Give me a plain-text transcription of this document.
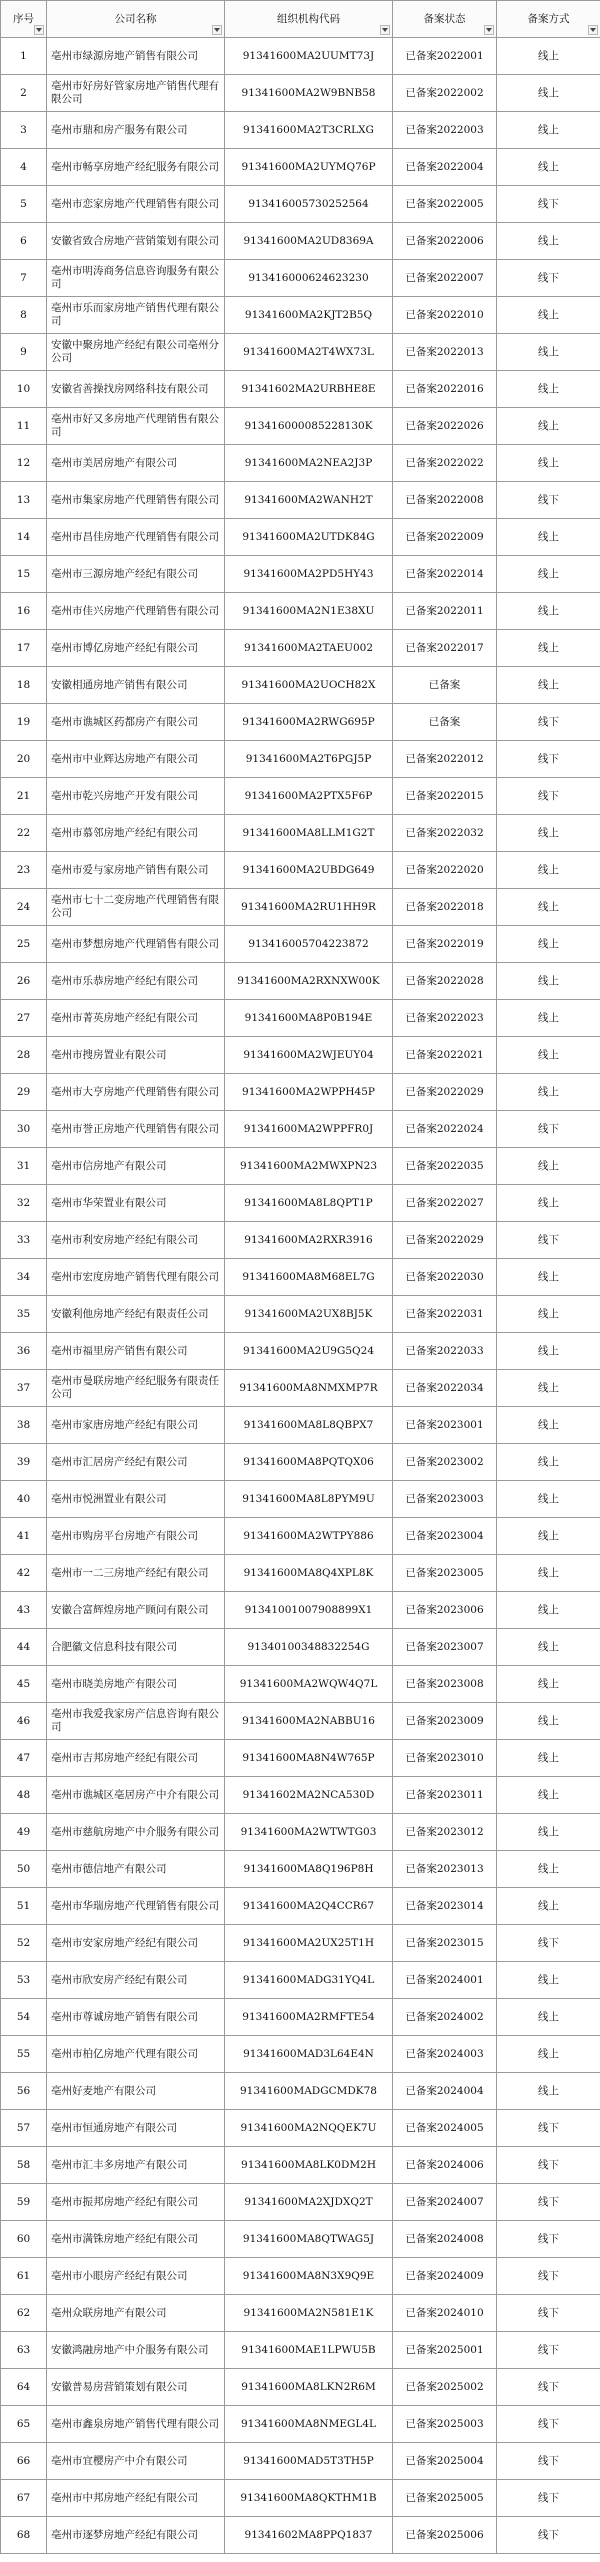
序号	公司名称	组织机构代码	备案状态	备案方式

1	亳州市绿源房地产销售有限公司	91341600MA2UUMT73J	已备案2022001	线上
2	亳州市好房好管家房地产销售代理有限公司	91341600MA2W9BNB58	已备案2022002	线上
3	亳州市鼎和房产服务有限公司	91341600MA2T3CRLXG	已备案2022003	线上
4	亳州市畅享房地产经纪服务有限公司	91341600MA2UYMQ76P	已备案2022004	线上
5	亳州市恋家房地产代理销售有限公司	913416005730252564	已备案2022005	线下
6	安徽省致合房地产营销策划有限公司	91341600MA2UD8369A	已备案2022006	线上
7	亳州市明涛商务信息咨询服务有限公司	913416000624623230	已备案2022007	线下
8	亳州市乐而家房地产销售代理有限公司	91341600MA2KJT2B5Q	已备案2022010	线上
9	安徽中聚房地产经纪有限公司亳州分公司	91341600MA2T4WX73L	已备案2022013	线上
10	安徽省善操找房网络科技有限公司	91341602MA2URBHE8E	已备案2022016	线上
11	亳州市好又多房地产代理销售有限公司	913416000085228130K	已备案2022026	线上
12	亳州市美居房地产有限公司	91341600MA2NEA2J3P	已备案2022022	线上
13	亳州市集家房地产代理销售有限公司	91341600MA2WANH2T	已备案2022008	线下
14	亳州市昌佳房地产代理销售有限公司	91341600MA2UTDK84G	已备案2022009	线上
15	亳州市三源房地产经纪有限公司	91341600MA2PD5HY43	已备案2022014	线上
16	亳州市佳兴房地产代理销售有限公司	91341600MA2N1E38XU	已备案2022011	线上
17	亳州市博亿房地产经纪有限公司	91341600MA2TAEU002	已备案2022017	线上
18	安徽相通房地产销售有限公司	91341600MA2UOCH82X	已备案	线上
19	亳州市谯城区药都房产有限公司	91341600MA2RWG695P	已备案	线下
20	亳州市中业辉达房地产有限公司	91341600MA2T6PGJ5P	已备案2022012	线下
21	亳州市乾兴房地产开发有限公司	91341600MA2PTX5F6P	已备案2022015	线下
22	亳州市慕邻房地产经纪有限公司	91341600MA8LLM1G2T	已备案2022032	线上
23	亳州市爱与家房地产销售有限公司	91341600MA2UBDG649	已备案2022020	线上
24	亳州市七十二变房地产代理销售有限公司	91341600MA2RU1HH9R	已备案2022018	线上
25	亳州市梦想房地产代理销售有限公司	913416005704223872	已备案2022019	线上
26	亳州市乐恭房地产经纪有限公司	91341600MA2RXNXW00K	已备案2022028	线上
27	亳州市菁英房地产经纪有限公司	91341600MA8P0B194E	已备案2022023	线上
28	亳州市搜房置业有限公司	91341600MA2WJEUY04	已备案2022021	线上
29	亳州市大亨房地产代理销售有限公司	91341600MA2WPPH45P	已备案2022029	线上
30	亳州市誉正房地产代理销售有限公司	91341600MA2WPPFR0J	已备案2022024	线下
31	亳州市信房地产有限公司	91341600MA2MWXPN23	已备案2022035	线上
32	亳州市华荣置业有限公司	91341600MA8L8QPT1P	已备案2022027	线上
33	亳州市利安房地产经纪有限公司	91341600MA2RXR3916	已备案2022029	线下
34	亳州市宏度房地产销售代理有限公司	91341600MA8M68EL7G	已备案2022030	线上
35	安徽利他房地产经纪有限责任公司	91341600MA2UX8BJ5K	已备案2022031	线上
36	亳州市福里房产销售有限公司	91341600MA2U9G5Q24	已备案2022033	线上
37	亳州市曼联房地产经纪服务有限责任公司	91341600MA8NMXMP7R	已备案2022034	线上
38	亳州市家唐房地产经纪有限公司	91341600MA8L8QBPX7	已备案2023001	线上
39	亳州市汇居房产经纪有限公司	91341600MA8PQTQX06	已备案2023002	线上
40	亳州市悦洲置业有限公司	91341600MA8L8PYM9U	已备案2023003	线上
41	亳州市购房平台房地产有限公司	91341600MA2WTPY886	已备案2023004	线上
42	亳州市一二三房地产经纪有限公司	91341600MA8Q4XPL8K	已备案2023005	线上
43	安徽合富辉煌房地产顾问有限公司	91341001007908899X1	已备案2023006	线上
44	合肥徽文信息科技有限公司	91340100348832254G	已备案2023007	线上
45	亳州市晓美房地产有限公司	91341600MA2WQW4Q7L	已备案2023008	线上
46	亳州市我爱我家房产信息咨询有限公司	91341600MA2NABBU16	已备案2023009	线上
47	亳州市吉邦房地产经纪有限公司	91341600MA8N4W765P	已备案2023010	线上
48	亳州市谯城区亳居房产中介有限公司	91341602MA2NCA530D	已备案2023011	线上
49	亳州市慈航房地产中介服务有限公司	91341600MA2WTWTG03	已备案2023012	线上
50	亳州市德信地产有限公司	91341600MA8Q196P8H	已备案2023013	线上
51	亳州市华瑞房地产代理销售有限公司	91341600MA2Q4CCR67	已备案2023014	线上
52	亳州市安家房地产经纪有限公司	91341600MA2UX25T1H	已备案2023015	线下
53	亳州市欣安房产经纪有限公司	91341600MADG31YQ4L	已备案2024001	线上
54	亳州市尊诚房地产销售有限公司	91341600MA2RMFTE54	已备案2024002	线上
55	亳州市柏亿房地产代理有限公司	91341600MAD3L64E4N	已备案2024003	线上
56	亳州好麦地产有限公司	91341600MADGCMDK78	已备案2024004	线上
57	亳州市恒通房地产有限公司	91341600MA2NQQEK7U	已备案2024005	线下
58	亳州市汇丰多房地产有限公司	91341600MA8LK0DM2H	已备案2024006	线下
59	亳州市振邦房地产经纪有限公司	91341600MA2XJDXQ2T	已备案2024007	线下
60	亳州市满铢房地产经纪有限公司	91341600MA8QTWAG5J	已备案2024008	线下
61	亳州市小眼房产经纪有限公司	91341600MA8N3X9Q9E	已备案2024009	线下
62	亳州众联房地产有限公司	91341600MA2N581E1K	已备案2024010	线下
63	安徽鸿融房地产中介服务有限公司	91341600MAE1LPWU5B	已备案2025001	线下
64	安徽普易房营销策划有限公司	91341600MA8LKN2R6M	已备案2025002	线下
65	亳州市鑫泉房地产销售代理有限公司	91341600MA8NMEGL4L	已备案2025003	线下
66	亳州市宜樱房产中介有限公司	91341600MAD5T3TH5P	已备案2025004	线下
67	亳州市中邦房地产经纪有限公司	91341600MA8QKTHM1B	已备案2025005	线下
68	亳州市逐梦房地产经纪有限公司	91341602MA8PPQ1837	已备案2025006	线下
